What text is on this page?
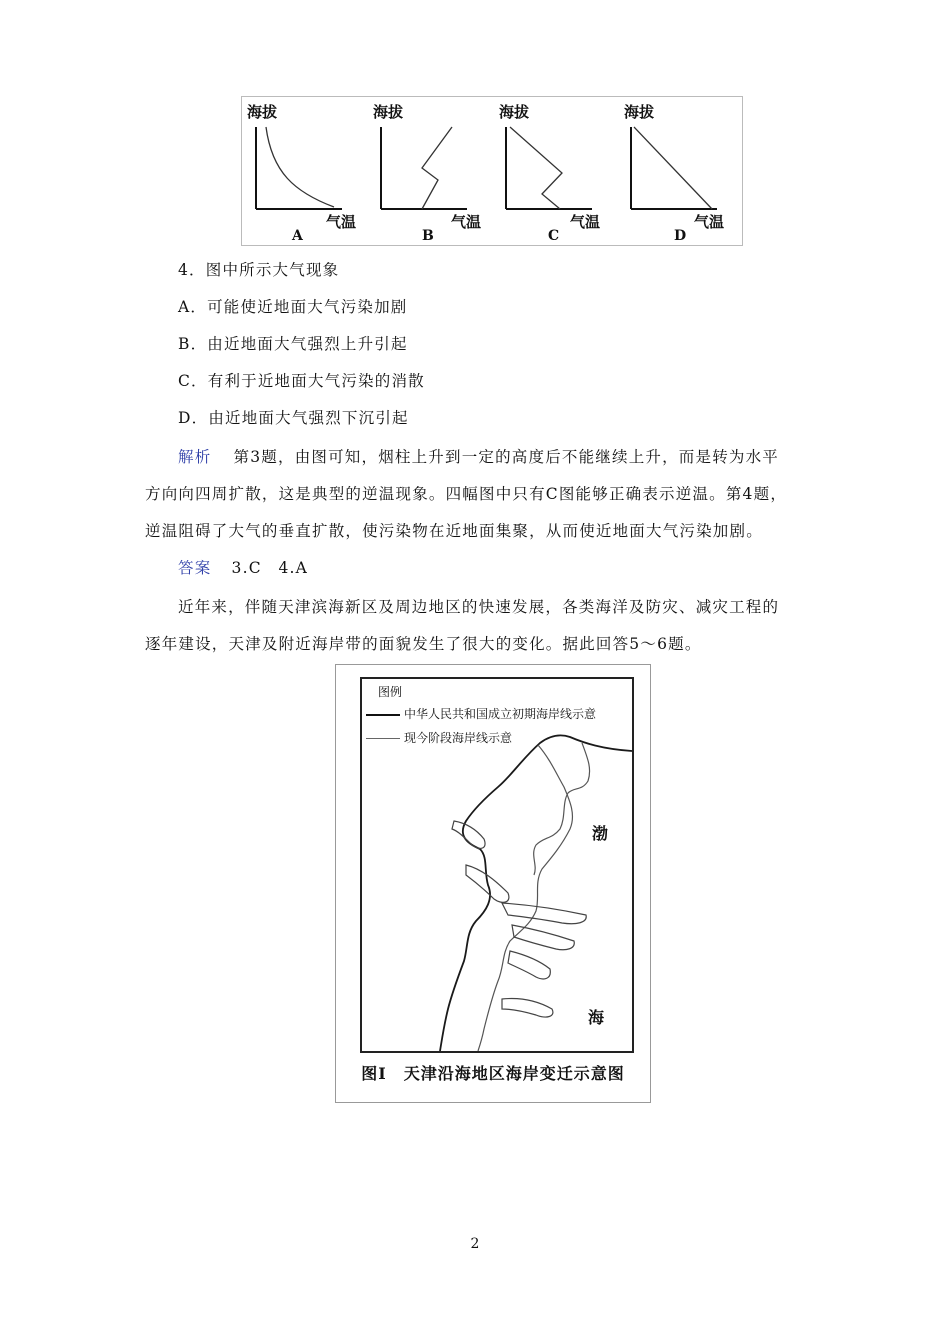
海拔
气温
A
海拔
气温
B
海拔
气温
C
海拔
气温
D
4．图中所示大气现象
A．可能使近地面大气污染加剧
B．由近地面大气强烈上升引起
C．有利于近地面大气污染的消散
D．由近地面大气强烈下沉引起
解析 第3题，由图可知，烟柱上升到一定的高度后不能继续上升，而是转为水平
方向向四周扩散，这是典型的逆温现象。四幅图中只有C图能够正确表示逆温。第4题，
逆温阻碍了大气的垂直扩散，使污染物在近地面集聚，从而使近地面大气污染加剧。
答案 3.C　4.A
近年来，伴随天津滨海新区及周边地区的快速发展，各类海洋及防灾、减灾工程的
逐年建设，天津及附近海岸带的面貌发生了很大的变化。据此回答5～6题。
图例
中华人民共和国成立初期海岸线示意
现今阶段海岸线示意
渤
海
图Ⅰ　天津沿海地区海岸变迁示意图
2
